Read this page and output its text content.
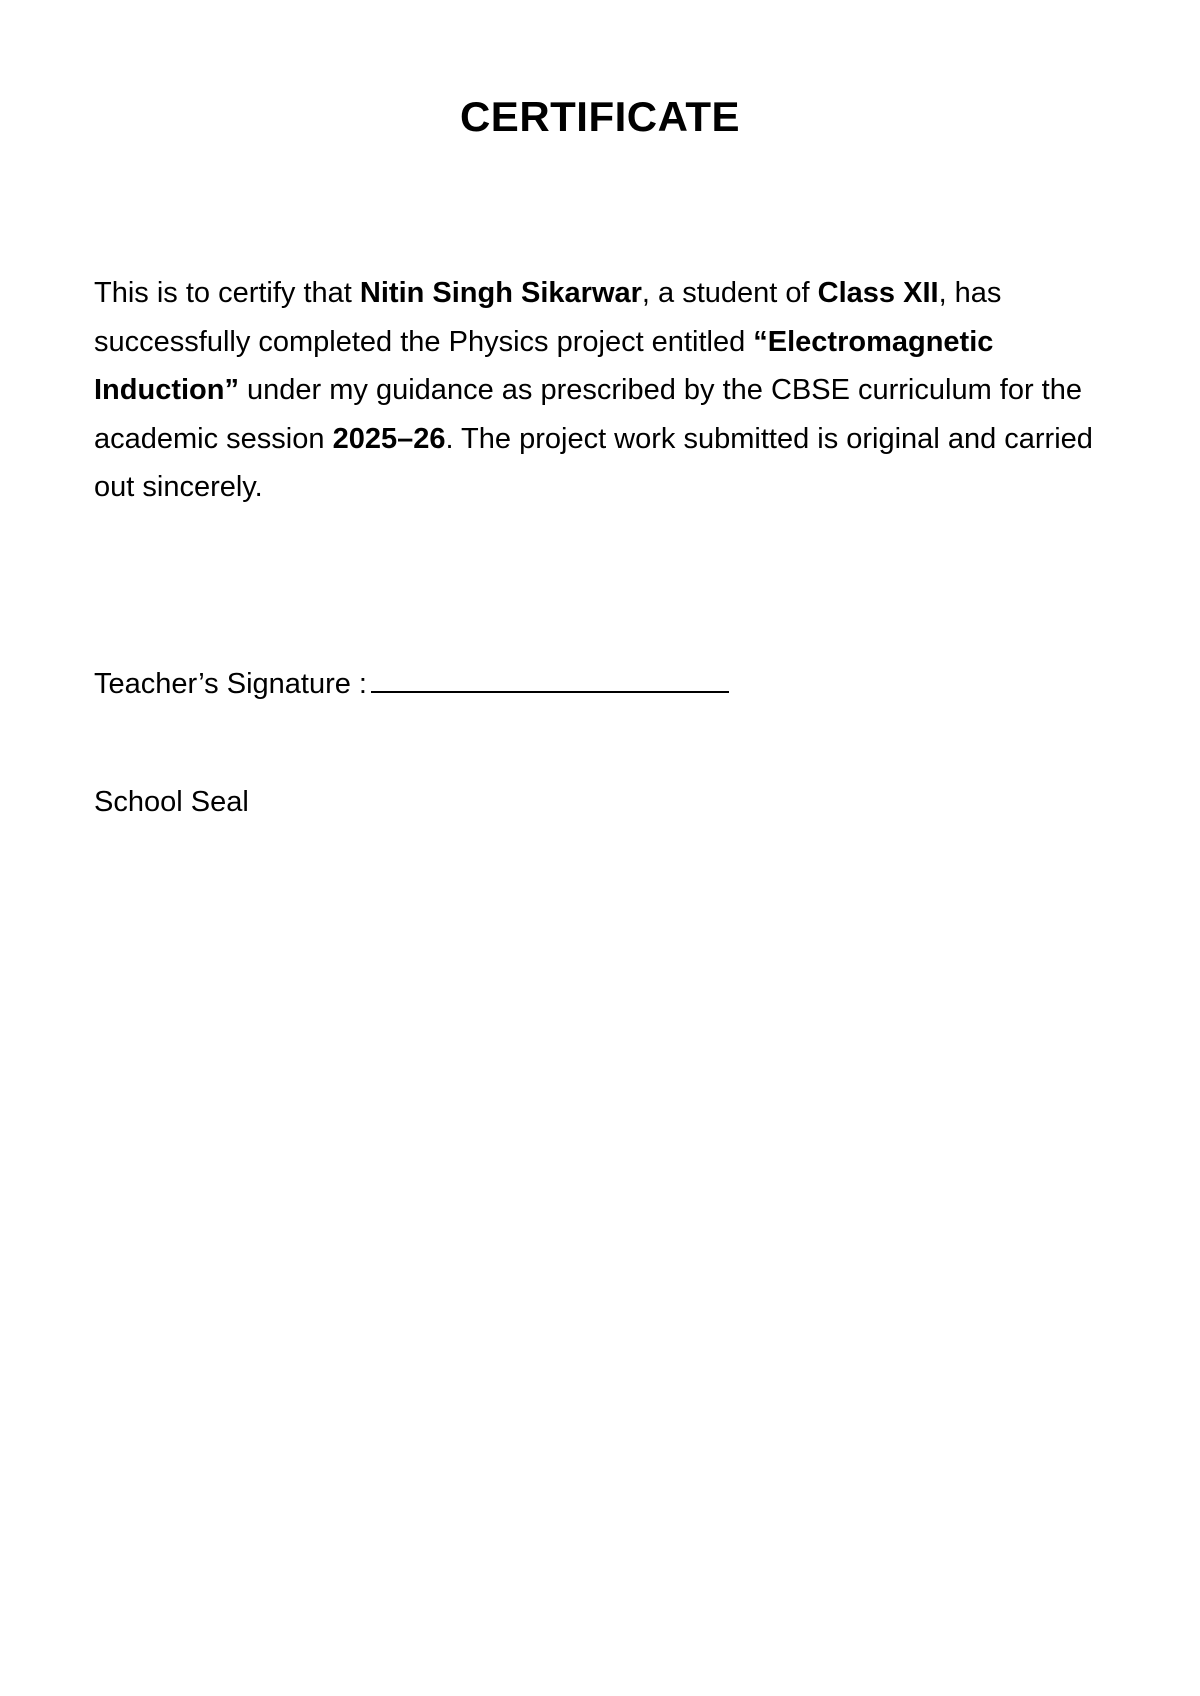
CERTIFICATE

This is to certify that Nitin Singh Sikarwar, a student of Class XII, has successfully completed the Physics project entitled “Electromagnetic Induction” under my guidance as prescribed by the CBSE curriculum for the academic session 2025–26. The project work submitted is original and carried out sincerely.

Teacher’s Signature :
School Seal
